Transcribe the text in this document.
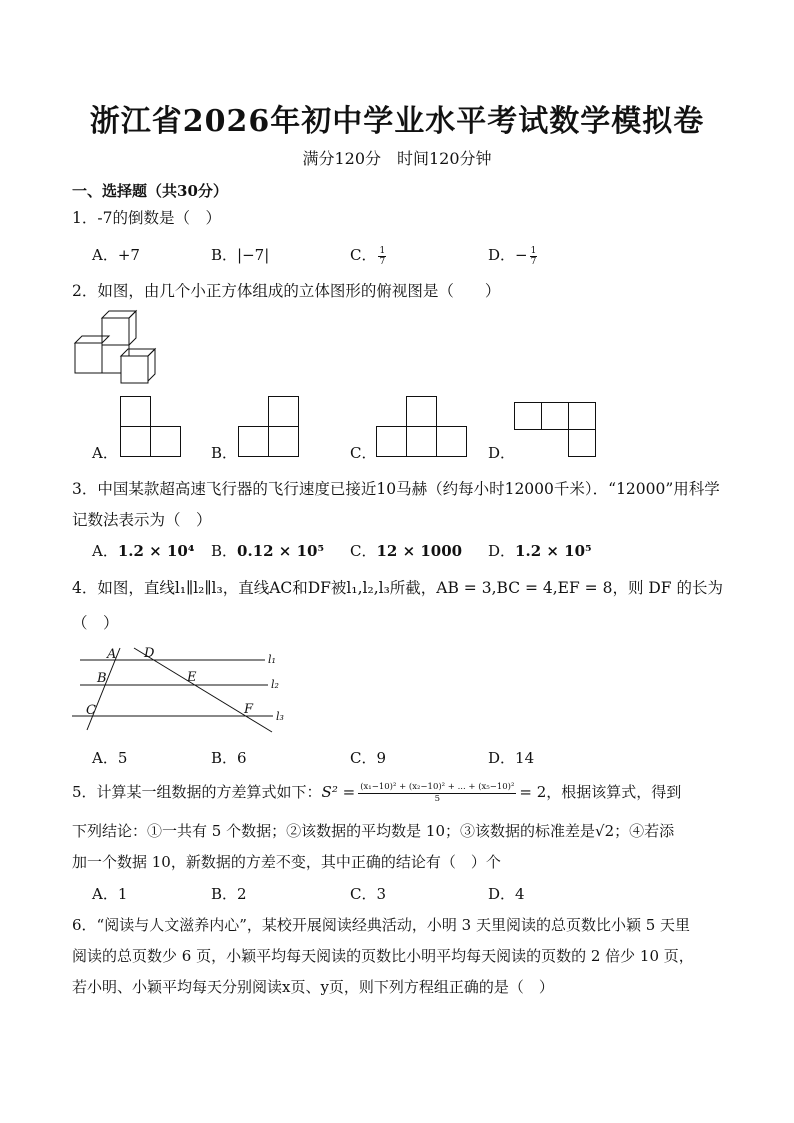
浙江省2026年初中学业水平考试数学模拟卷
满分120分　时间120分钟
一、选择题（共30分）
1．-7的倒数是（　）
A．+7	B．|−7|	C． $\frac{1}{7}$	D．− $\frac{1}{7}$
2．如图，由几个小正方体组成的立体图形的俯视图是（　　）
A．	B．	C．	D．
3．中国某款超高速飞行器的飞行速度已接近10马赫（约每小时12000千米）．“12000”用科学
记数法表示为（　）
A．1.2 × 10⁴ B．0.12 × 10⁵ C．12 × 1000 D．1.2 × 10⁵
4．如图，直线l₁∥l₂∥l₃，直线AC和DF被l₁,l₂,l₃所截，AB = 3,BC = 4,EF = 8，则 DF 的长为
（　）
A
B
C
D
E
F
l₁
l₂
l₃
A．5	B．6	C．9	D．14
5．计算某一组数据的方差算式如下：$S^2 = \frac{\text{(x₁−10)² + (x₂−10)² + ... + (x₅−10)²}}{5} = 2$，根据该算式，得到
下列结论：①一共有 5 个数据；②该数据的平均数是 10；③该数据的标准差是√2；④若添
加一个数据 10，新数据的方差不变，其中正确的结论有（　）个
A．1	B．2	C．3	D．4
6．“阅读与人文滋养内心”，某校开展阅读经典活动，小明 3 天里阅读的总页数比小颖 5 天里
阅读的总页数少 6 页，小颖平均每天阅读的页数比小明平均每天阅读的页数的 2 倍少 10 页，
若小明、小颖平均每天分别阅读x页、y页，则下列方程组正确的是（　）
